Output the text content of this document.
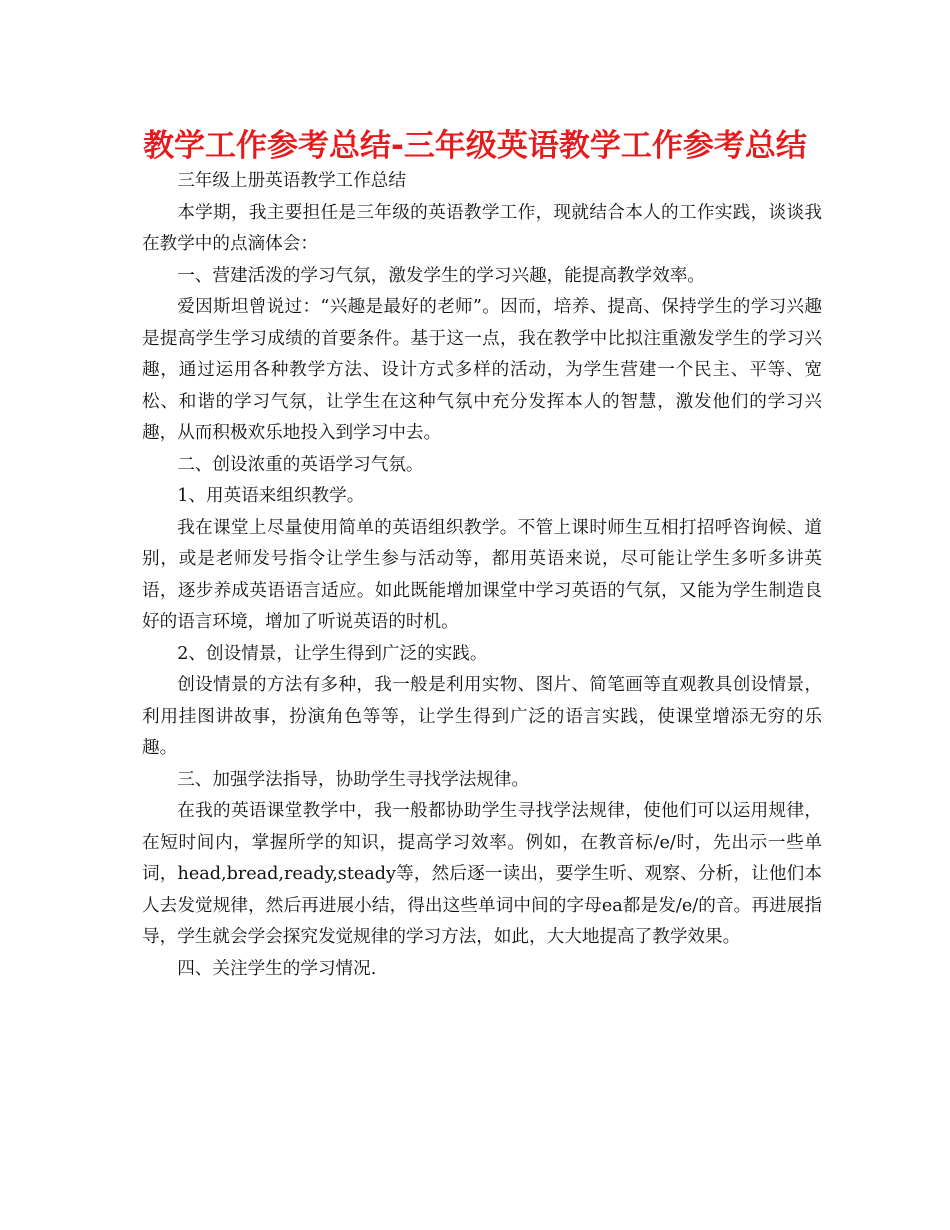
教学工作参考总结-三年级英语教学工作参考总结

三年级上册英语教学工作总结

本学期，我主要担任是三年级的英语教学工作，现就结合本人的工作实践，谈谈我在教学中的点滴体会：

一、营建活泼的学习气氛，激发学生的学习兴趣，能提高教学效率。

爱因斯坦曾说过：“兴趣是最好的老师”。因而，培养、提高、保持学生的学习兴趣是提高学生学习成绩的首要条件。基于这一点，我在教学中比拟注重激发学生的学习兴趣，通过运用各种教学方法、设计方式多样的活动，为学生营建一个民主、平等、宽松、和谐的学习气氛，让学生在这种气氛中充分发挥本人的智慧，激发他们的学习兴趣，从而积极欢乐地投入到学习中去。

二、创设浓重的英语学习气氛。

1、用英语来组织教学。

我在课堂上尽量使用简单的英语组织教学。不管上课时师生互相打招呼咨询候、道别，或是老师发号指令让学生参与活动等，都用英语来说，尽可能让学生多听多讲英语，逐步养成英语语言适应。如此既能增加课堂中学习英语的气氛，又能为学生制造良好的语言环境，增加了听说英语的时机。

2、创设情景，让学生得到广泛的实践。

创设情景的方法有多种，我一般是利用实物、图片、简笔画等直观教具创设情景，利用挂图讲故事，扮演角色等等，让学生得到广泛的语言实践，使课堂增添无穷的乐趣。

三、加强学法指导，协助学生寻找学法规律。

在我的英语课堂教学中，我一般都协助学生寻找学法规律，使他们可以运用规律，在短时间内，掌握所学的知识，提高学习效率。例如，在教音标/e/时，先出示一些单词，head,bread,ready,steady等，然后逐一读出，要学生听、观察、分析，让他们本人去发觉规律，然后再进展小结，得出这些单词中间的字母ea都是发/e/的音。再进展指导，学生就会学会探究发觉规律的学习方法，如此，大大地提高了教学效果。

四、关注学生的学习情况.
